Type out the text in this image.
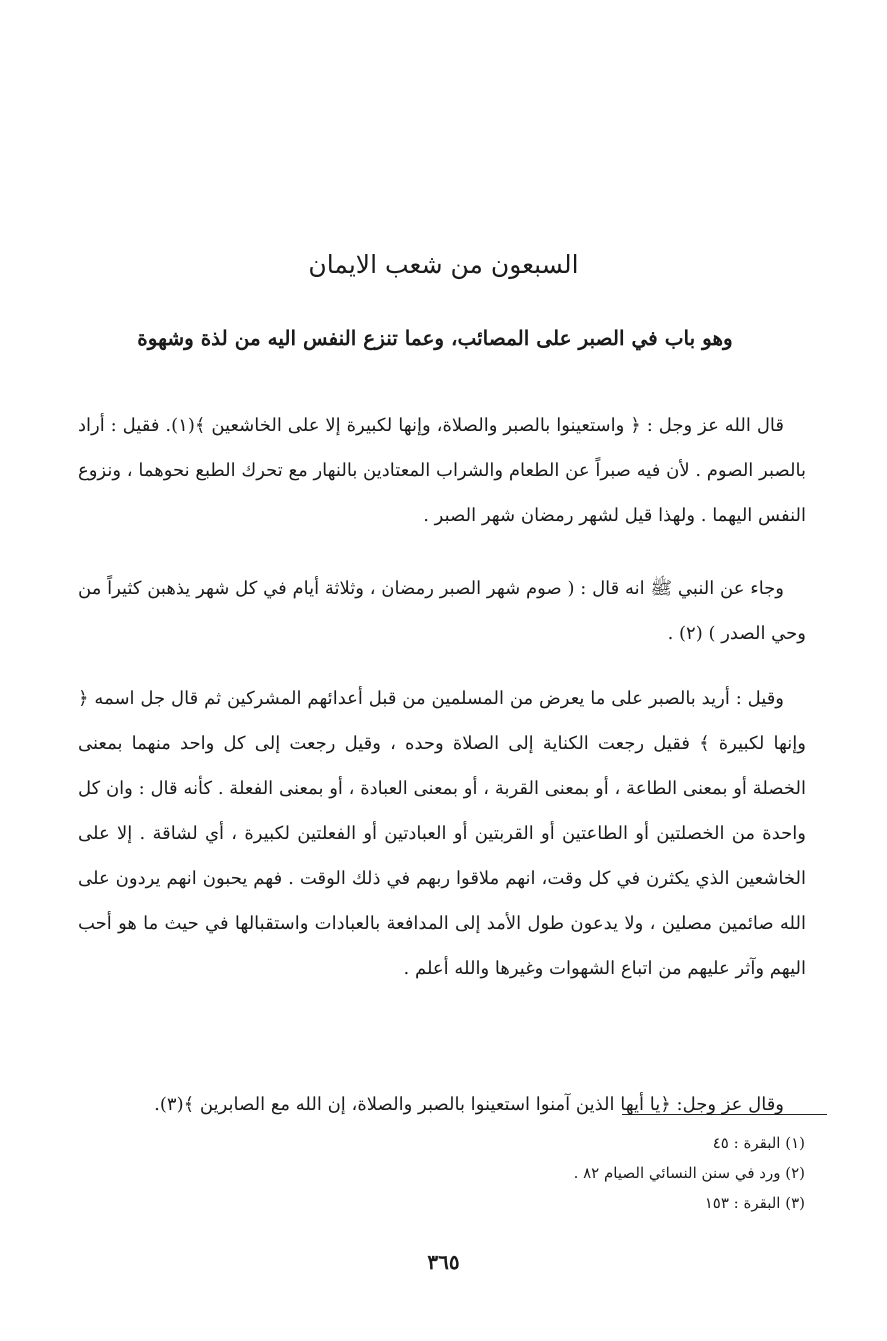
السبعون من شعب الايمان
وهو باب في الصبر على المصائب، وعما تنزع النفس اليه من لذة وشهوة
قال الله عز وجل : ﴿ واستعينوا بالصبر والصلاة، وإنها لكبيرة إلا على الخاشعين ﴾(١). فقيل : أراد بالصبر الصوم . لأن فيه صبراً عن الطعام والشراب المعتادين بالنهار مع تحرك الطبع نحوهما ، ونزوع النفس اليهما . ولهذا قيل لشهر رمضان شهر الصبر .
وجاء عن النبي ﷺ انه قال : ( صوم شهر الصبر رمضان ، وثلاثة أيام في كل شهر يذهبن كثيراً من وحي الصدر ) (٢) .
وقيل : أريد بالصبر على ما يعرض من المسلمين من قبل أعدائهم المشركين ثم قال جل اسمه ﴿ وإنها لكبيرة ﴾ فقيل رجعت الكناية إلى الصلاة وحده ، وقيل رجعت إلى كل واحد منهما بمعنى الخصلة أو بمعنى الطاعة ، أو بمعنى القربة ، أو بمعنى العبادة ، أو بمعنى الفعلة . كأنه قال : وان كل واحدة من الخصلتين أو الطاعتين أو القربتين أو العبادتين أو الفعلتين لكبيرة ، أي لشاقة . إلا على الخاشعين الذي يكثرن في كل وقت، انهم ملاقوا ربهم في ذلك الوقت . فهم يحبون انهم يردون على الله صائمين مصلين ، ولا يدعون طول الأمد إلى المدافعة بالعبادات واستقبالها في حيث ما هو أحب اليهم وآثر عليهم من اتباع الشهوات وغيرها والله أعلم .
وقال عز وجل: ﴿يا أيها الذين آمنوا استعينوا بالصبر والصلاة، إن الله مع الصابرين ﴾(٣).
(١) البقرة : ٤٥
(٢) ورد في سنن النسائي الصيام ٨٢ .
(٣) البقرة : ١٥٣
٣٦٥
